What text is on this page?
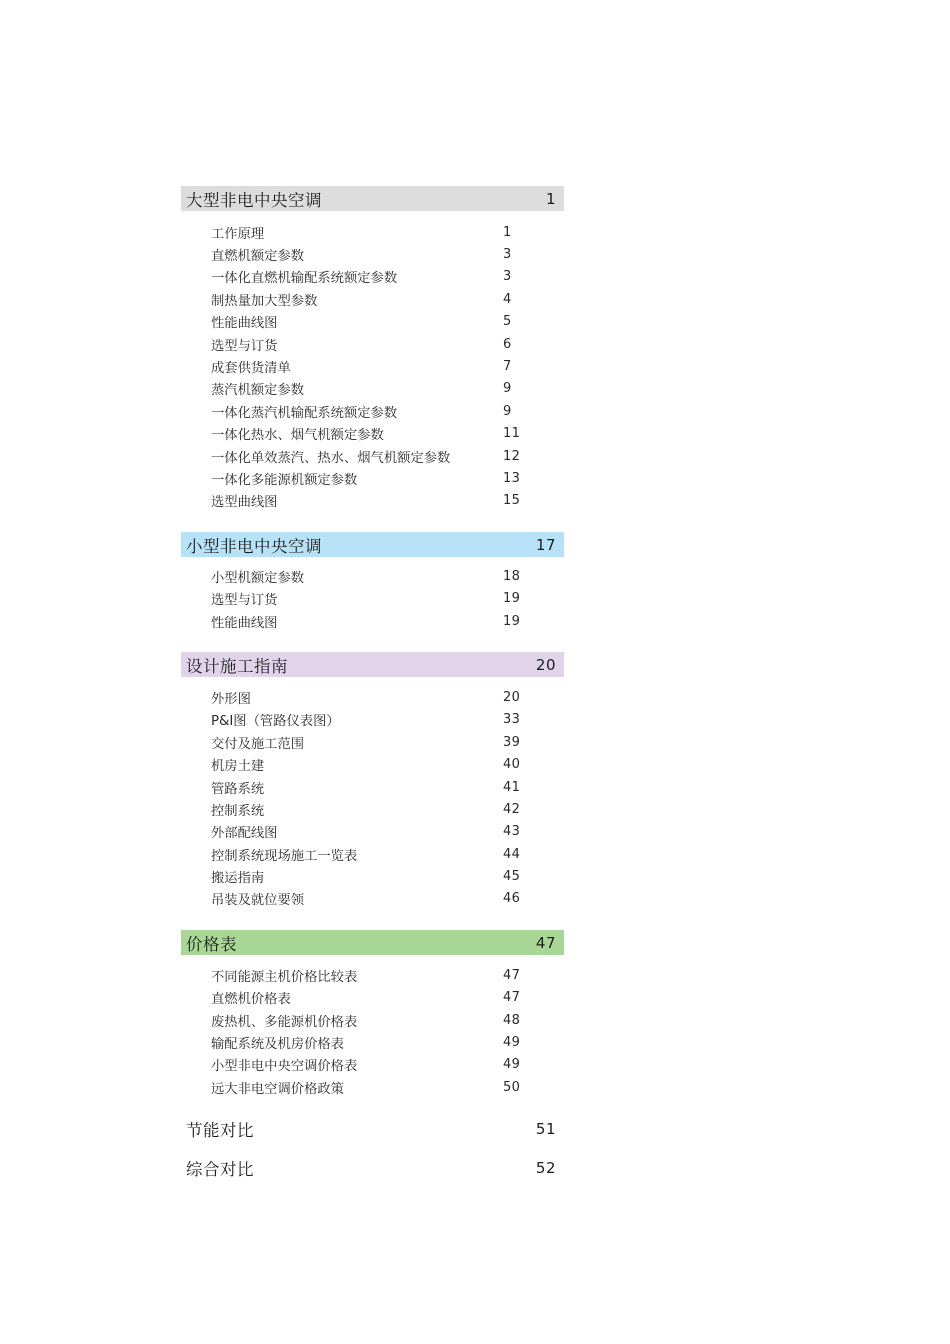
大型非电中央空调	1
工作原理	1
直燃机额定参数	3
一体化直燃机输配系统额定参数	3
制热量加大型参数	4
性能曲线图	5
选型与订货	6
成套供货清单	7
蒸汽机额定参数	9
一体化蒸汽机输配系统额定参数	9
一体化热水、烟气机额定参数	11
一体化单效蒸汽、热水、烟气机额定参数	12
一体化多能源机额定参数	13
选型曲线图	15
小型非电中央空调	17
小型机额定参数	18
选型与订货	19
性能曲线图	19
设计施工指南	20
外形图	20
P&I图（管路仪表图）	33
交付及施工范围	39
机房土建	40
管路系统	41
控制系统	42
外部配线图	43
控制系统现场施工一览表	44
搬运指南	45
吊装及就位要领	46
价格表	47
不同能源主机价格比较表	47
直燃机价格表	47
废热机、多能源机价格表	48
输配系统及机房价格表	49
小型非电中央空调价格表	49
远大非电空调价格政策	50
节能对比	51
综合对比	52
